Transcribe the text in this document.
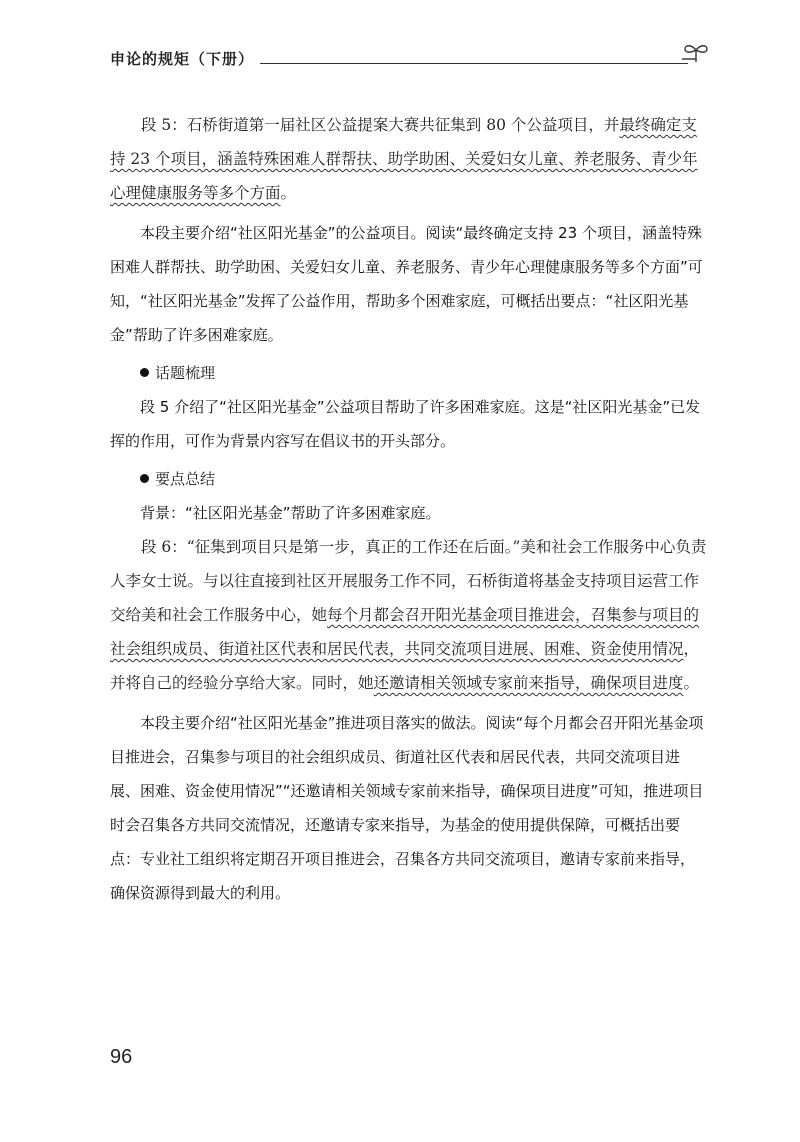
申论的规矩（下册）

段 5：石桥街道第一届社区公益提案大赛共征集到 80 个公益项目，并最终确定支持 23 个项目，涵盖特殊困难人群帮扶、助学助困、关爱妇女儿童、养老服务、青少年心理健康服务等多个方面。

本段主要介绍“社区阳光基金”的公益项目。阅读“最终确定支持 23 个项目，涵盖特殊困难人群帮扶、助学助困、关爱妇女儿童、养老服务、青少年心理健康服务等多个方面”可知，“社区阳光基金”发挥了公益作用，帮助多个困难家庭，可概括出要点：“社区阳光基金”帮助了许多困难家庭。

话题梳理

段 5 介绍了“社区阳光基金”公益项目帮助了许多困难家庭。这是“社区阳光基金”已发挥的作用，可作为背景内容写在倡议书的开头部分。

要点总结

背景：“社区阳光基金”帮助了许多困难家庭。

段 6：“征集到项目只是第一步，真正的工作还在后面。”美和社会工作服务中心负责人李女士说。与以往直接到社区开展服务工作不同，石桥街道将基金支持项目运营工作交给美和社会工作服务中心，她每个月都会召开阳光基金项目推进会，召集参与项目的社会组织成员、街道社区代表和居民代表，共同交流项目进展、困难、资金使用情况，并将自己的经验分享给大家。同时，她还邀请相关领域专家前来指导，确保项目进度。

本段主要介绍“社区阳光基金”推进项目落实的做法。阅读“每个月都会召开阳光基金项目推进会，召集参与项目的社会组织成员、街道社区代表和居民代表，共同交流项目进展、困难、资金使用情况”“还邀请相关领域专家前来指导，确保项目进度”可知，推进项目时会召集各方共同交流情况，还邀请专家来指导，为基金的使用提供保障，可概括出要点：专业社工组织将定期召开项目推进会，召集各方共同交流项目，邀请专家前来指导，确保资源得到最大的利用。

96
